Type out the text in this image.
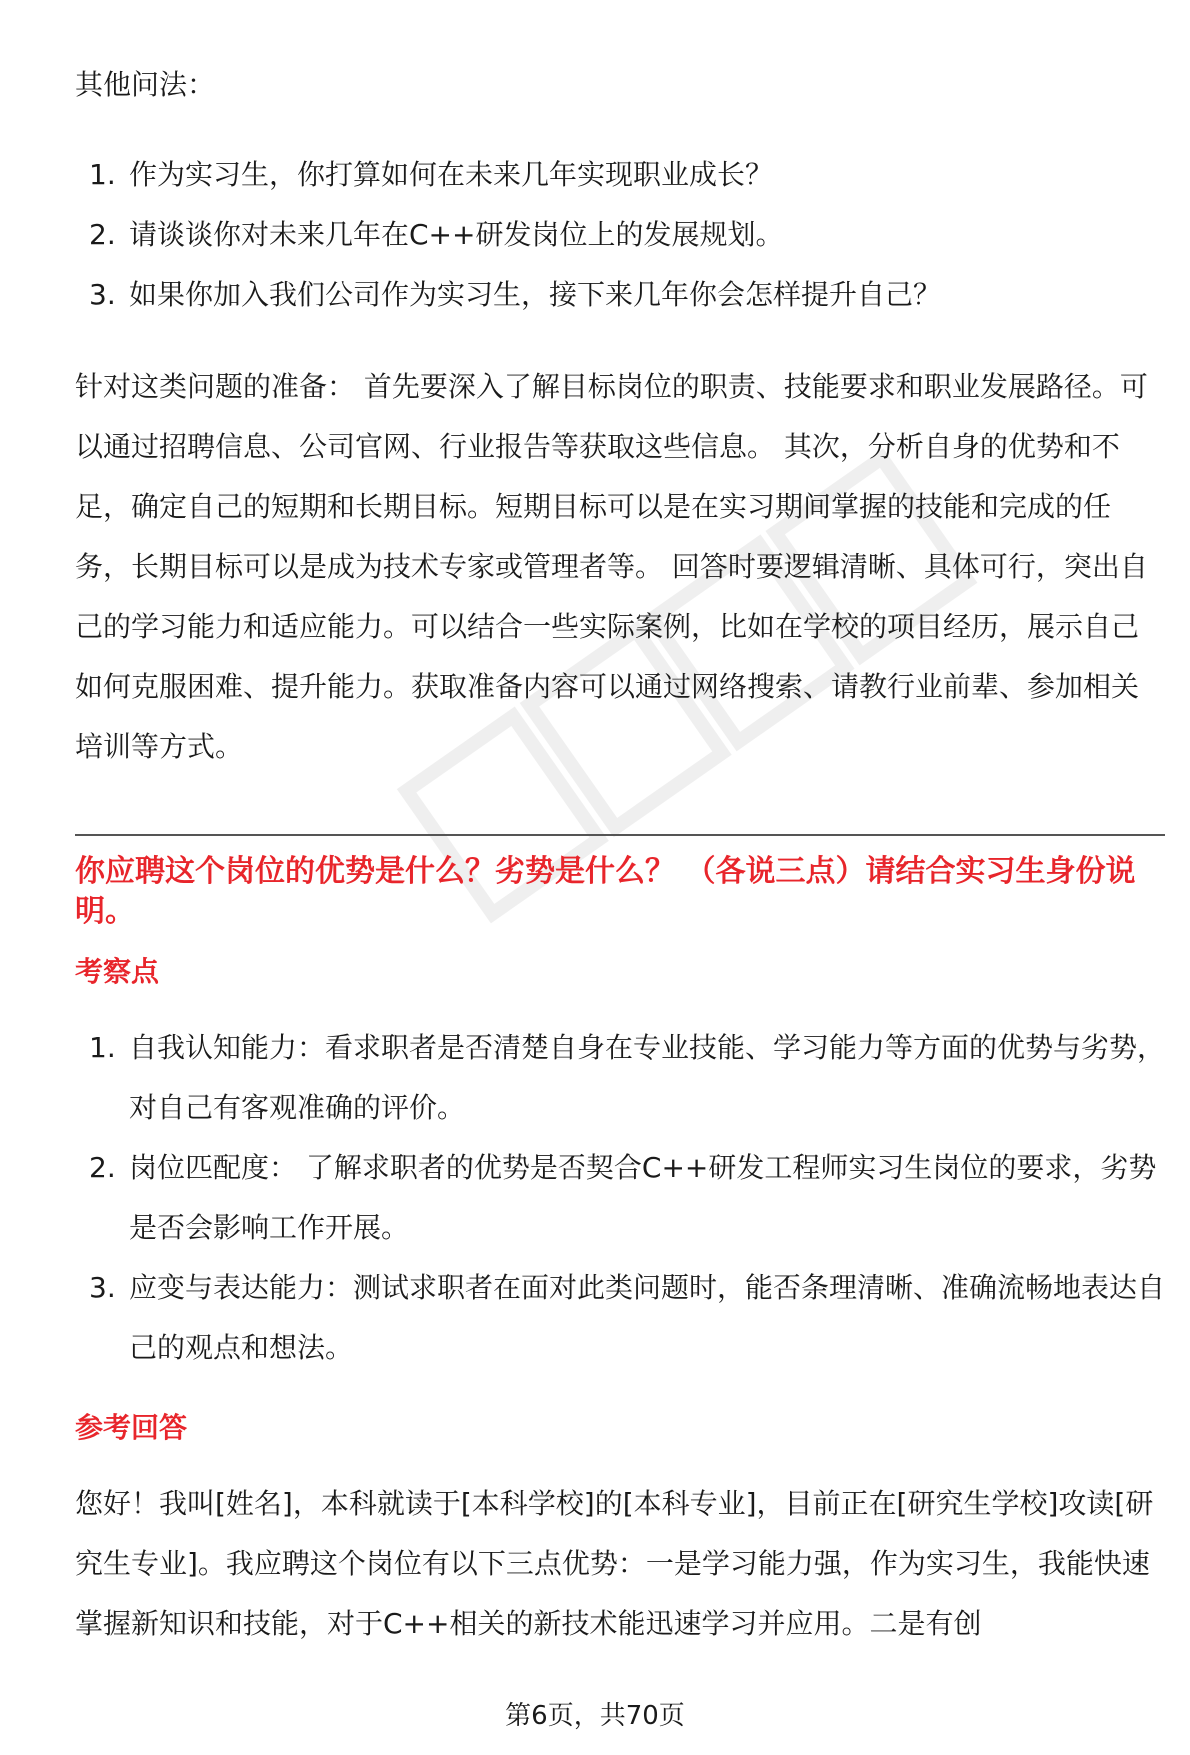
其他问法：

1. 作为实习生，你打算如何在未来几年实现职业成长？
2. 请谈谈你对未来几年在C++研发岗位上的发展规划。
3. 如果你加入我们公司作为实习生，接下来几年你会怎样提升自己？

针对这类问题的准备： 首先要深入了解目标岗位的职责、技能要求和职业发展路径。可以通过招聘信息、公司官网、行业报告等获取这些信息。 其次，分析自身的优势和不足，确定自己的短期和长期目标。短期目标可以是在实习期间掌握的技能和完成的任务，长期目标可以是成为技术专家或管理者等。 回答时要逻辑清晰、具体可行，突出自己的学习能力和适应能力。可以结合一些实际案例，比如在学校的项目经历，展示自己如何克服困难、提升能力。获取准备内容可以通过网络搜索、请教行业前辈、参加相关培训等方式。

你应聘这个岗位的优势是什么？劣势是什么？ （各说三点）请结合实习生身份说明。

考察点

1. 自我认知能力：看求职者是否清楚自身在专业技能、学习能力等方面的优势与劣势，对自己有客观准确的评价。
2. 岗位匹配度： 了解求职者的优势是否契合C++研发工程师实习生岗位的要求，劣势是否会影响工作开展。
3. 应变与表达能力：测试求职者在面对此类问题时，能否条理清晰、准确流畅地表达自己的观点和想法。

参考回答

您好！我叫[姓名]，本科就读于[本科学校]的[本科专业]，目前正在[研究生学校]攻读[研究生专业]。我应聘这个岗位有以下三点优势：一是学习能力强，作为实习生，我能快速掌握新知识和技能，对于C++相关的新技术能迅速学习并应用。二是有创

第6页，共70页
